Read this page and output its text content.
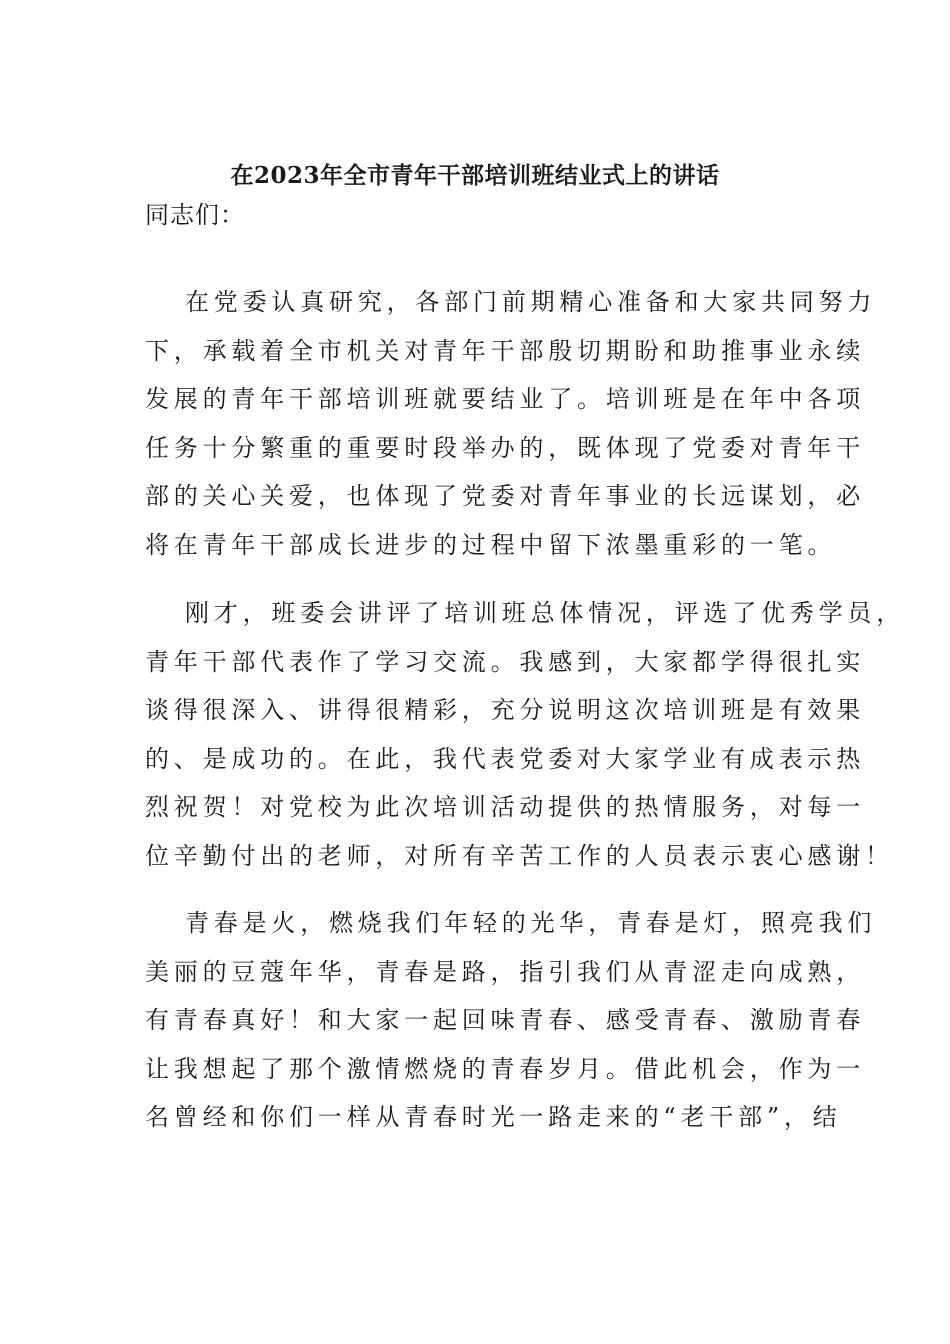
在2023年全市青年干部培训班结业式上的讲话
同志们：
在党委认真研究，各部门前期精心准备和大家共同努力
下，承载着全市机关对青年干部殷切期盼和助推事业永续
发展的青年干部培训班就要结业了。培训班是在年中各项
任务十分繁重的重要时段举办的，既体现了党委对青年干
部的关心关爱，也体现了党委对青年事业的长远谋划，必
将在青年干部成长进步的过程中留下浓墨重彩的一笔。
刚才，班委会讲评了培训班总体情况，评选了优秀学员，
青年干部代表作了学习交流。我感到，大家都学得很扎实
谈得很深入、讲得很精彩，充分说明这次培训班是有效果
的、是成功的。在此，我代表党委对大家学业有成表示热
烈祝贺！对党校为此次培训活动提供的热情服务，对每一
位辛勤付出的老师，对所有辛苦工作的人员表示衷心感谢！
青春是火，燃烧我们年轻的光华，青春是灯，照亮我们
美丽的豆蔻年华，青春是路，指引我们从青涩走向成熟，
有青春真好！和大家一起回味青春、感受青春、激励青春
让我想起了那个激情燃烧的青春岁月。借此机会，作为一
名曾经和你们一样从青春时光一路走来的“老干部”，结
